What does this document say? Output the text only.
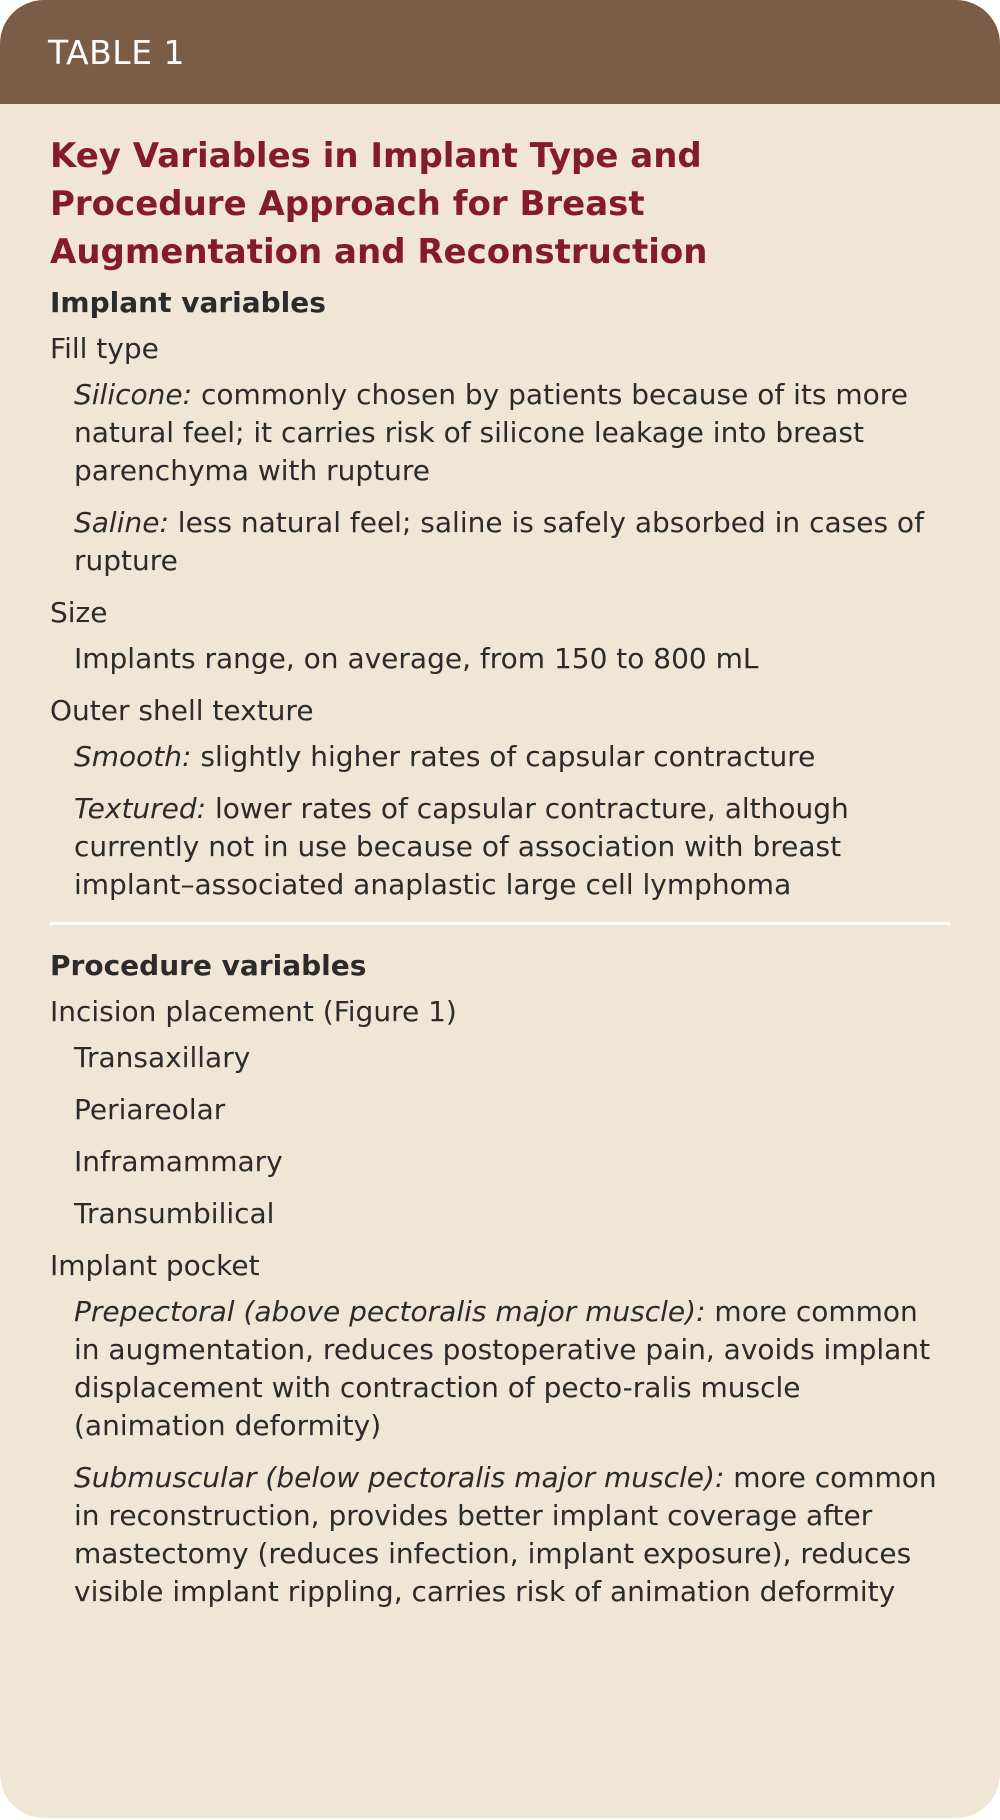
TABLE 1
Key Variables in Implant Type and Procedure Approach for Breast Augmentation and Reconstruction
Implant variables
Fill type
Silicone: commonly chosen by patients because of its more natural feel; it carries risk of silicone leakage into breast parenchyma with rupture
Saline: less natural feel; saline is safely absorbed in cases of rupture
Size
Implants range, on average, from 150 to 800 mL
Outer shell texture
Smooth: slightly higher rates of capsular contracture
Textured: lower rates of capsular contracture, although currently not in use because of association with breast implant–associated anaplastic large cell lymphoma
Procedure variables
Incision placement (Figure 1)
Transaxillary
Periareolar
Inframammary
Transumbilical
Implant pocket
Prepectoral (above pectoralis major muscle): more common in augmentation, reduces postoperative pain, avoids implant displacement with contraction of pecto-ralis muscle (animation deformity)
Submuscular (below pectoralis major muscle): more common in reconstruction, provides better implant coverage after mastectomy (reduces infection, implant exposure), reduces visible implant rippling, carries risk of animation deformity
